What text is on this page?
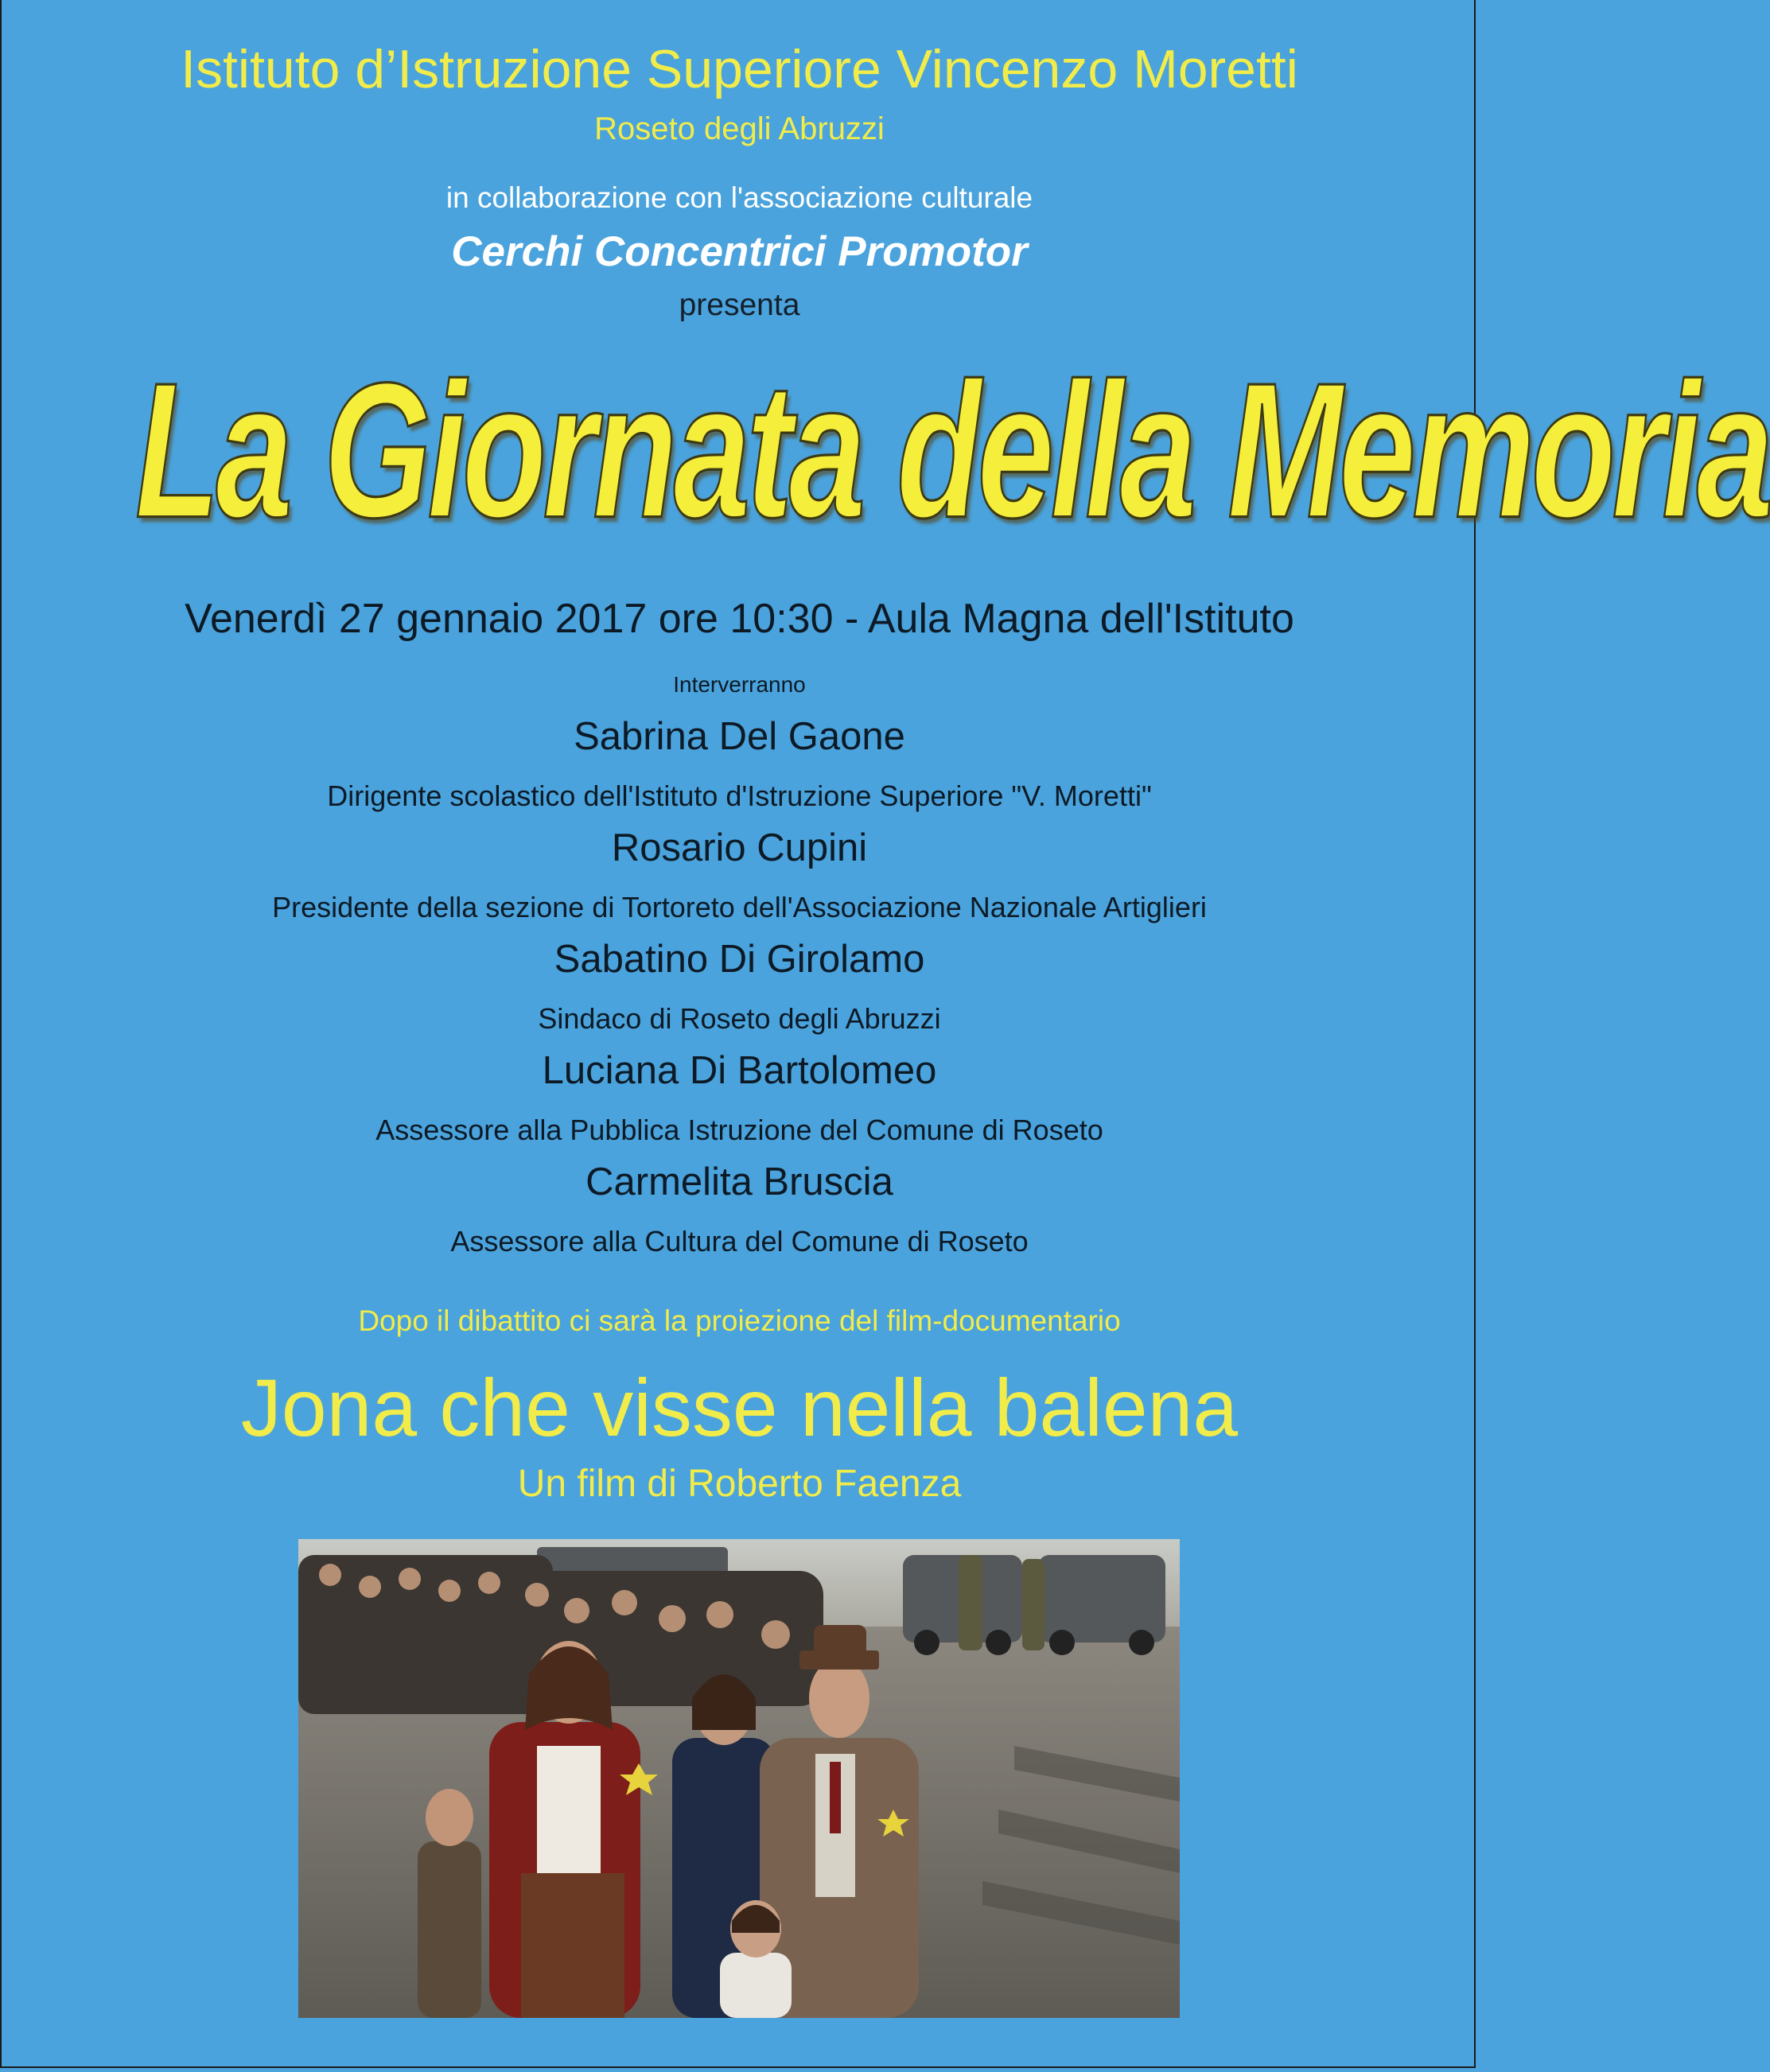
Istituto d’Istruzione Superiore Vincenzo Moretti

Roseto degli Abruzzi

in collaborazione con l'associazione culturale

Cerchi Concentrici Promotor

presenta

La Giornata della Memoria

Venerdì 27 gennaio 2017 ore 10:30 - Aula Magna dell'Istituto

Interverranno

Sabrina Del Gaone

Dirigente scolastico dell'Istituto d'Istruzione Superiore "V. Moretti"

Rosario Cupini

Presidente della sezione di Tortoreto dell'Associazione Nazionale Artiglieri

Sabatino Di Girolamo

Sindaco di Roseto degli Abruzzi

Luciana Di Bartolomeo

Assessore alla Pubblica Istruzione del Comune di Roseto

Carmelita Bruscia

Assessore alla Cultura del Comune di Roseto

Dopo il dibattito ci sarà la proiezione del film-documentario

Jona che visse nella balena

Un film di Roberto Faenza
